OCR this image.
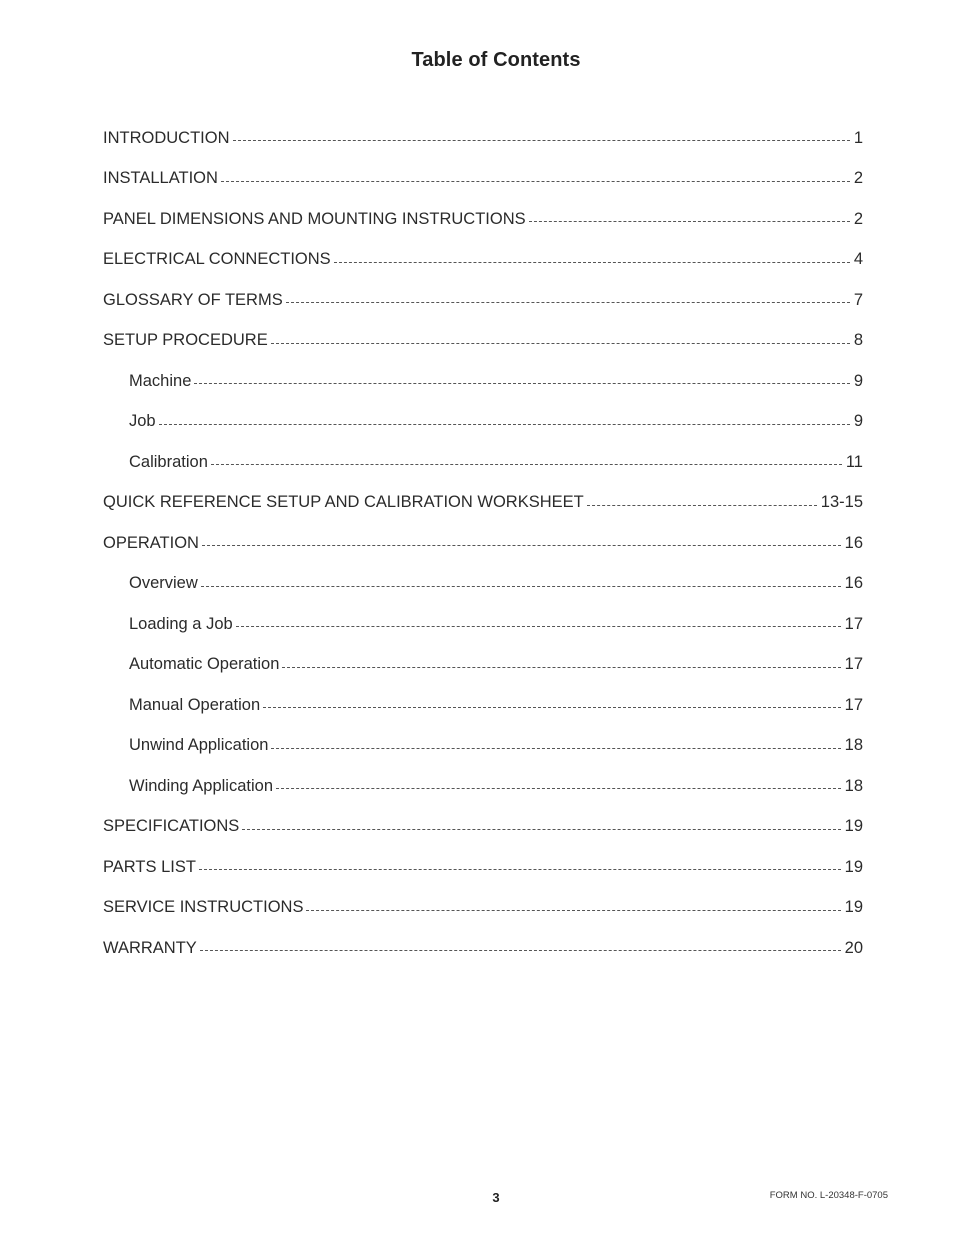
Table of Contents
INTRODUCTION	1
INSTALLATION	2
PANEL DIMENSIONS AND MOUNTING INSTRUCTIONS	2
ELECTRICAL CONNECTIONS	4
GLOSSARY OF TERMS	7
SETUP PROCEDURE	8
Machine	9
Job	9
Calibration	11
QUICK REFERENCE SETUP AND CALIBRATION WORKSHEET	13-15
OPERATION	16
Overview	16
Loading a Job	17
Automatic Operation	17
Manual Operation	17
Unwind Application	18
Winding Application	18
SPECIFICATIONS	19
PARTS LIST	19
SERVICE INSTRUCTIONS	19
WARRANTY	20
3	FORM NO. L-20348-F-0705
